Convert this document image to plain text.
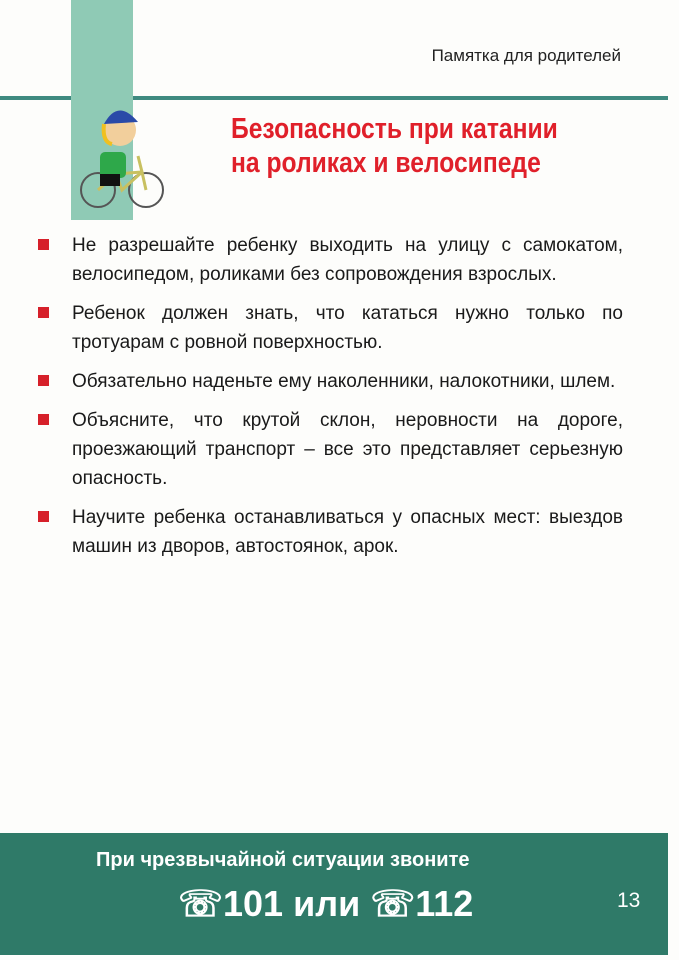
Памятка для родителей
Безопасность при катании
на роликах и велосипеде
Не разрешайте ребенку выходить на улицу с самокатом, велосипедом, роликами без сопровождения взрослых.
Ребенок должен знать, что кататься нужно только по тротуарам с ровной поверхностью.
Обязательно наденьте ему наколенники, налокотники, шлем.
Объясните, что крутой склон, неровности на дороге, проезжающий транспорт – все это представляет серьезную опасность.
Научите ребенка останавливаться у опасных мест: выездов машин из дворов, автостоянок, арок.
При чрезвычайной ситуации звоните
☏101 или ☏112	13
